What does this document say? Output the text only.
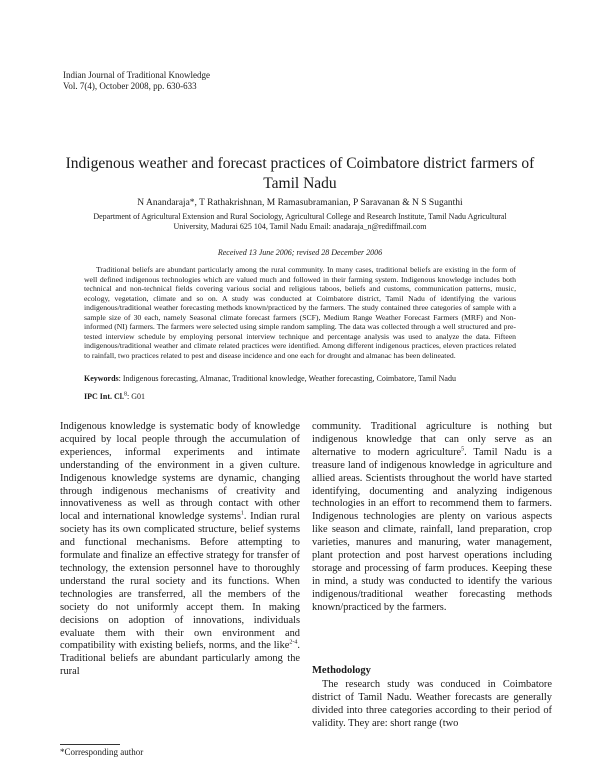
Indian Journal of Traditional Knowledge
Vol. 7(4), October 2008, pp. 630-633
Indigenous weather and forecast practices of Coimbatore district farmers of Tamil Nadu
N Anandaraja*, T Rathakrishnan, M Ramasubramanian, P Saravanan & N S Suganthi
Department of Agricultural Extension and Rural Sociology, Agricultural College and Research Institute, Tamil Nadu Agricultural University, Madurai 625 104, Tamil Nadu Email: anadaraja_n@rediffmail.com
Received 13 June 2006; revised 28 December 2006

Traditional beliefs are abundant particularly among the rural community. In many cases, traditional beliefs are existing in the form of well defined indigenous technologies which are valued much and followed in their farming system. Indigenous knowledge includes both technical and non-technical fields covering various social and religious taboos, beliefs and customs, communication patterns, music, ecology, vegetation, climate and so on. A study was conducted at Coimbatore district, Tamil Nadu of identifying the various indigenous/traditional weather forecasting methods known/practiced by the farmers. The study contained three categories of sample with a sample size of 30 each, namely Seasonal climate forecast farmers (SCF), Medium Range Weather Forecast Farmers (MRF) and Non-informed (NI) farmers. The farmers were selected using simple random sampling. The data was collected through a well structured and pre-tested interview schedule by employing personal interview technique and percentage analysis was used to analyze the data. Fifteen indigenous/traditional weather and climate related practices were identified. Among different indigenous practices, eleven practices related to rainfall, two practices related to pest and disease incidence and one each for drought and almanac has been delineated.

Keywords: Indigenous forecasting, Almanac, Traditional knowledge, Weather forecasting, Coimbatore, Tamil Nadu
IPC Int. Cl.$^8$: G01

Indigenous knowledge is systematic body of knowledge acquired by local people through the accumulation of experiences, informal experiments and intimate understanding of the environment in a given culture. Indigenous knowledge systems are dynamic, changing through indigenous mechanisms of creativity and innovativeness as well as through contact with other local and international knowledge systems$^1$. Indian rural society has its own complicated structure, belief systems and functional mechanisms. Before attempting to formulate and finalize an effective strategy for transfer of technology, the extension personnel have to thoroughly understand the rural society and its functions. When technologies are transferred, all the members of the society do not uniformly accept them. In making decisions on adoption of innovations, individuals evaluate them with their own environment and compatibility with existing beliefs, norms, and the like$^{2-4}$. Traditional beliefs are abundant particularly among the rural

community. Traditional agriculture is nothing but indigenous knowledge that can only serve as an alternative to modern agriculture$^5$. Tamil Nadu is a treasure land of indigenous knowledge in agriculture and allied areas. Scientists throughout the world have started identifying, documenting and analyzing indigenous technologies in an effort to recommend them to farmers. Indigenous technologies are plenty on various aspects like season and climate, rainfall, land preparation, crop varieties, manures and manuring, water management, plant protection and post harvest operations including storage and processing of farm produces. Keeping these in mind, a study was conducted to identify the various indigenous/traditional weather forecasting methods known/practiced by the farmers.

Methodology

The research study was conduced in Coimbatore district of Tamil Nadu. Weather forecasts are generally divided into three categories according to their period of validity. They are: short range (two

*Corresponding author
